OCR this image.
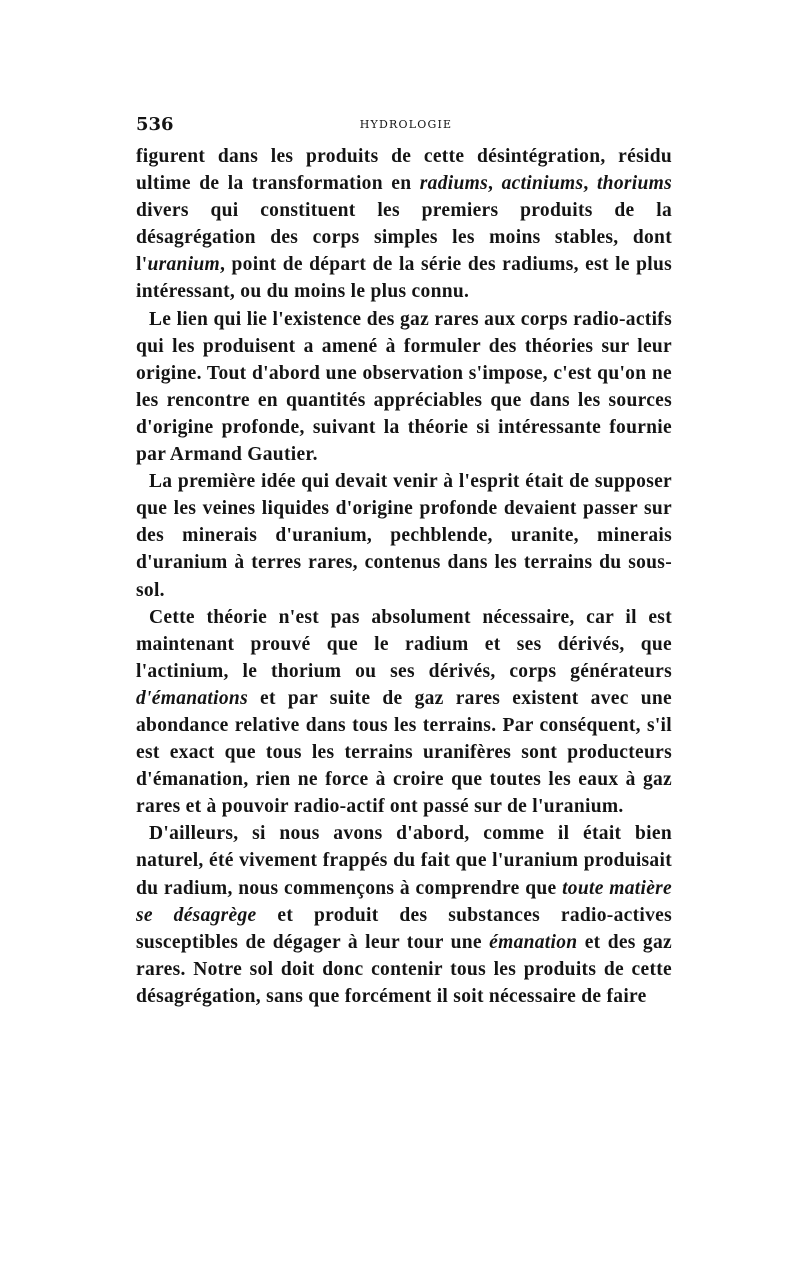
536	HYDROLOGIE

figurent dans les produits de cette désintégration, résidu ultime de la transformation en radiums, actiniums, thoriums divers qui constituent les premiers produits de la désagrégation des corps simples les moins stables, dont l'uranium, point de départ de la série des radiums, est le plus intéressant, ou du moins le plus connu.

Le lien qui lie l'existence des gaz rares aux corps radio-actifs qui les produisent a amené à formuler des théories sur leur origine. Tout d'abord une observation s'impose, c'est qu'on ne les rencontre en quantités appréciables que dans les sources d'origine profonde, suivant la théorie si intéressante fournie par Armand Gautier.

La première idée qui devait venir à l'esprit était de supposer que les veines liquides d'origine profonde devaient passer sur des minerais d'uranium, pechblende, uranite, minerais d'uranium à terres rares, contenus dans les terrains du sous-sol.

Cette théorie n'est pas absolument nécessaire, car il est maintenant prouvé que le radium et ses dérivés, que l'actinium, le thorium ou ses dérivés, corps générateurs d'émanations et par suite de gaz rares existent avec une abondance relative dans tous les terrains. Par conséquent, s'il est exact que tous les terrains uranifères sont producteurs d'émanation, rien ne force à croire que toutes les eaux à gaz rares et à pouvoir radio-actif ont passé sur de l'uranium.

D'ailleurs, si nous avons d'abord, comme il était bien naturel, été vivement frappés du fait que l'uranium produisait du radium, nous commençons à comprendre que toute matière se désagrège et produit des substances radio-actives susceptibles de dégager à leur tour une émanation et des gaz rares. Notre sol doit donc contenir tous les produits de cette désagrégation, sans que forcément il soit nécessaire de faire
